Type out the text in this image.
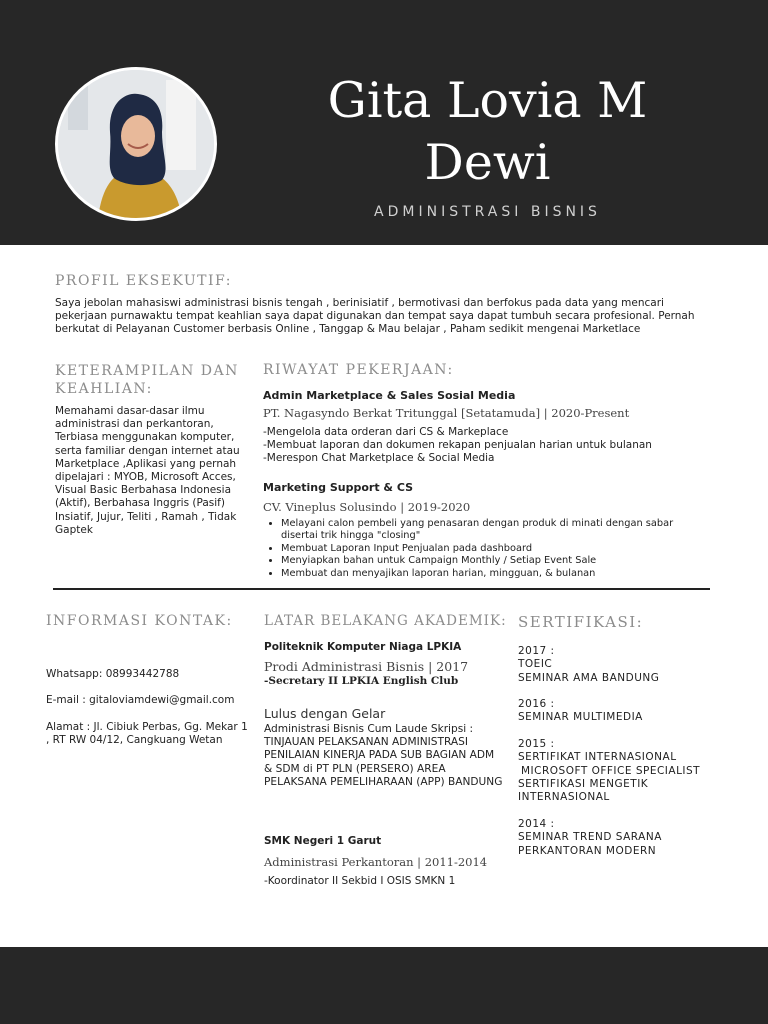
Gita Lovia M
Dewi
ADMINISTRASI BISNIS
PROFIL EKSEKUTIF:
Saya jebolan mahasiswi administrasi bisnis tengah , berinisiatif , bermotivasi dan berfokus pada data yang mencari pekerjaan purnawaktu tempat keahlian saya dapat digunakan dan tempat saya dapat tumbuh secara profesional. Pernah berkutat di Pelayanan Customer berbasis Online , Tanggap & Mau belajar , Paham sedikit mengenai Marketlace
KETERAMPILAN DAN
KEAHLIAN:
Memahami dasar-dasar ilmu administrasi dan perkantoran, Terbiasa menggunakan komputer, serta familiar dengan internet atau Marketplace ,Aplikasi yang pernah dipelajari : MYOB, Microsoft Acces, Visual Basic Berbahasa Indonesia (Aktif), Berbahasa Inggris (Pasif) Insiatif, Jujur, Teliti , Ramah , Tidak Gaptek
RIWAYAT PEKERJAAN:
Admin Marketplace & Sales Sosial Media
PT. Nagasyndo Berkat Tritunggal [Setatamuda] | 2020-Present
-Mengelola data orderan dari CS & Markeplace
-Membuat laporan dan dokumen rekapan penjualan harian untuk bulanan
-Merespon Chat Marketplace & Social Media
Marketing Support & CS
CV. Vineplus Solusindo | 2019-2020
• Melayani calon pembeli yang penasaran dengan produk di minati dengan sabar disertai trik hingga "closing"
• Membuat Laporan Input Penjualan pada dashboard
• Menyiapkan bahan untuk Campaign Monthly / Setiap Event Sale
• Membuat dan menyajikan laporan harian, mingguan, & bulanan
INFORMASI KONTAK:
Whatsapp: 08993442788
E-mail : gitaloviamdewi@gmail.com
Alamat : Jl. Cibiuk Perbas, Gg. Mekar 1 , RT RW 04/12, Cangkuang Wetan
LATAR BELAKANG AKADEMIK:
Politeknik Komputer Niaga LPKIA
Prodi Administrasi Bisnis | 2017
-Secretary II LPKIA English Club
Lulus dengan Gelar
Administrasi Bisnis Cum Laude Skripsi : TINJAUAN PELAKSANAN ADMINISTRASI PENILAIAN KINERJA PADA SUB BAGIAN ADM & SDM di PT PLN (PERSERO) AREA PELAKSANA PEMELIHARAAN (APP) BANDUNG
SMK Negeri 1 Garut
Administrasi Perkantoran | 2011-2014
-Koordinator II Sekbid I OSIS SMKN 1
SERTIFIKASI:
2017 :
TOEIC
SEMINAR AMA BANDUNG
2016 :
SEMINAR MULTIMEDIA
2015 :
SERTIFIKAT INTERNASIONAL
MICROSOFT OFFICE SPECIALIST
SERTIFIKASI MENGETIK
INTERNASIONAL
2014 :
SEMINAR TREND SARANA
PERKANTORAN MODERN
